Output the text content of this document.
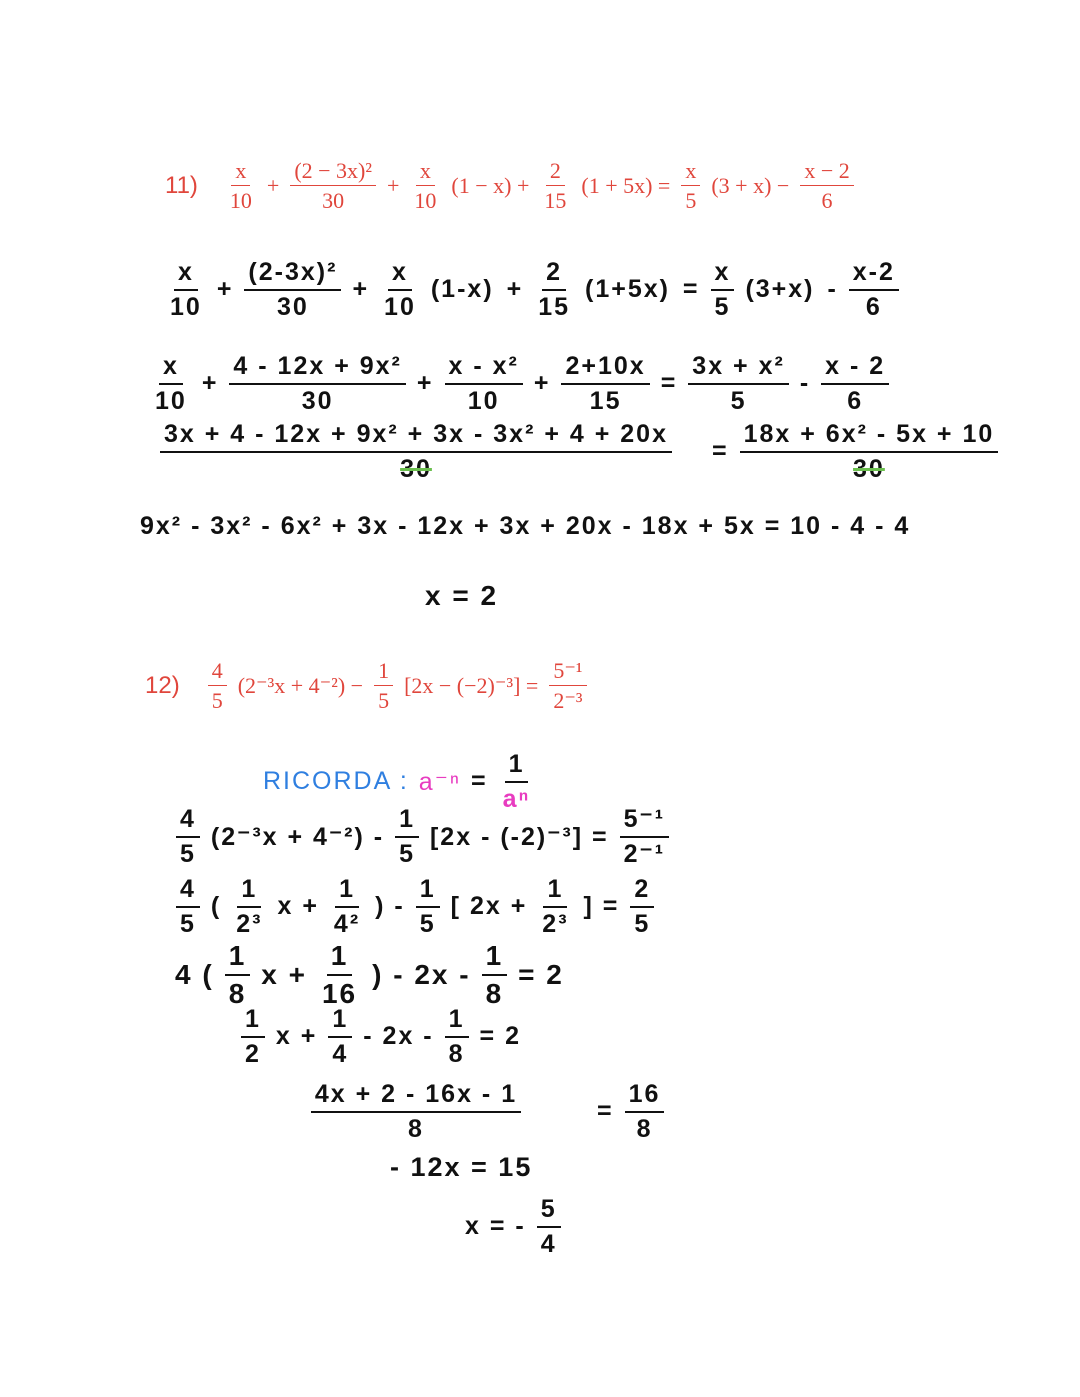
$11) \frac{x}{10} + \frac{\text{(2 − 3x)²}}{30} + \frac{x}{10} (1 - x) + \frac{2}{15} (1 + 5x) = \frac{x}{5} (3 + x) - \frac{x - 2}{6}$
$\frac{x}{10} + \frac{\text{(2-3x)²}}{30} + \frac{x}{10} (1-x) + \frac{2}{15} (1+5x) = \frac{x}{5} (3+x) - \frac{x-2}{6}$
$\frac{x}{10} + \frac{\text{4 - 12x + 9x²}}{30} + \frac{\text{x - x²}}{10} + \frac{2+10x}{15} = \frac{\text{3x + x²}}{5} - \frac{x - 2}{6}$
$\frac{\text{3x + 4 - 12x + 9x² + 3x - 3x² + 4 + 20x}}{30} = \frac{\text{18x + 6x² - 5x + 10}}{30}$
9x² - 3x² - 6x² + 3x - 12x + 3x + 20x - 18x + 5x = 10 - 4 - 4
x = 2
$12) \frac{4}{5} (2^{-3}x + 4^{-2}) - \frac{1}{5} [2x - (-2)^{-3}] = \frac{\text{5⁻¹}}{\text{2⁻³}}$
RICORDA : $a^{-n} = \frac{1}{\text{aⁿ}}$
$\frac{4}{5} (2^{-3}x + 4^{-2}) - \frac{1}{5} [2x - (-2)^{-3}] = \frac{\text{5⁻¹}}{\text{2⁻¹}}$
$\frac{4}{5}$ ( $\frac{1}{\text{2³}}$ $x + \frac{1}{\text{4²}}$ ) - $\frac{1}{5}$ [ $2x + \frac{1}{\text{2³}}$ ] = $\frac{2}{5}$
4 ( $\frac{1}{8}$ $x + \frac{1}{16}$ ) - $2x - \frac{1}{8} = 2$
$\frac{1}{2}$ $x + \frac{1}{4} - 2x - \frac{1}{8} = 2$
$\frac{4x + 2 - 16x - 1}{8} = \frac{16}{8}$
- 12x = 15
x = - $\frac{5}{4}$
